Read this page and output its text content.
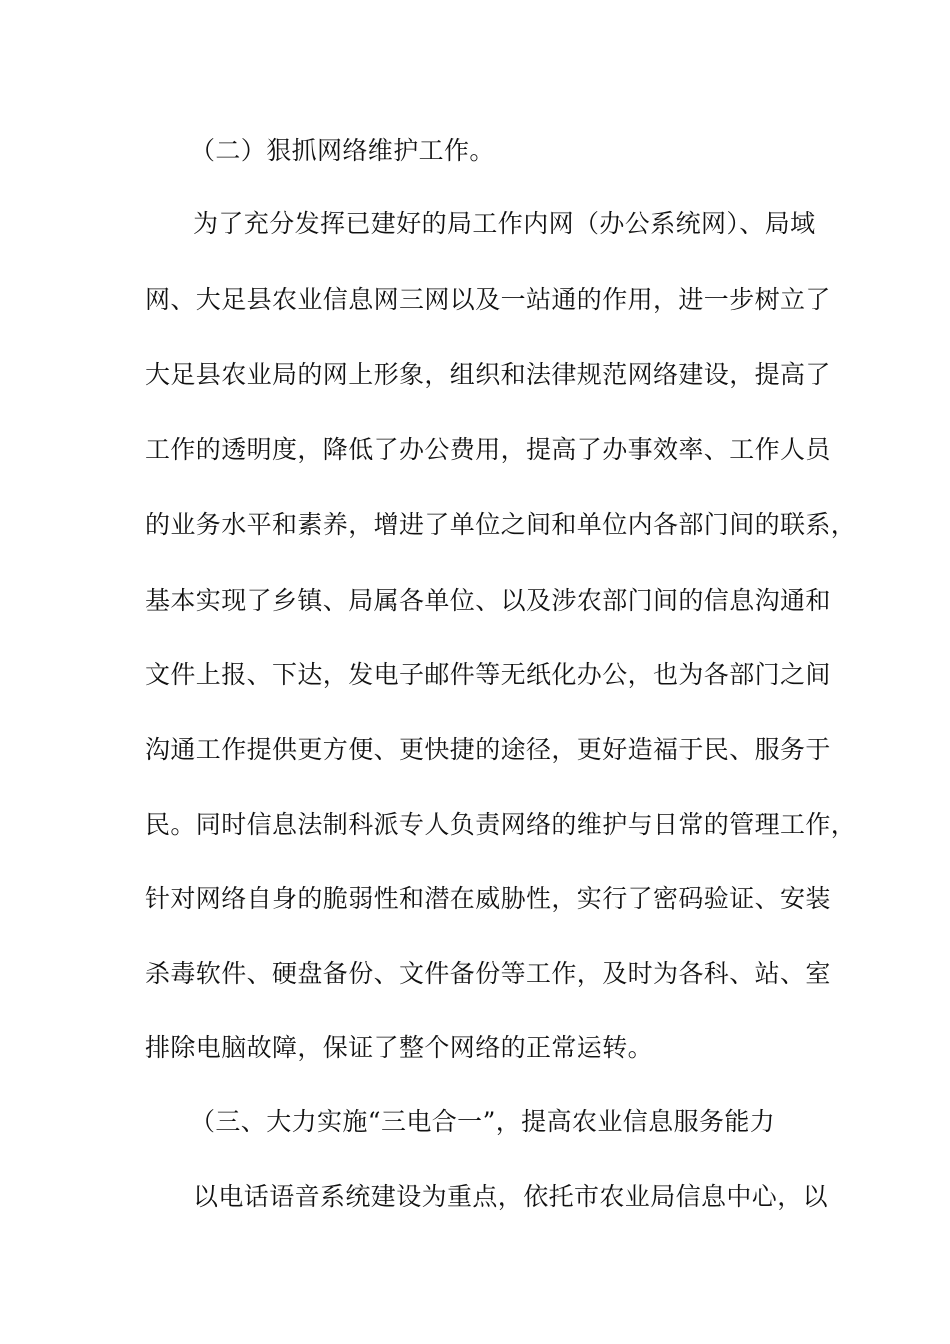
（二）狠抓网络维护工作。
为了充分发挥已建好的局工作内网（办公系统网）、局域
网、大足县农业信息网三网以及一站通的作用，进一步树立了
大足县农业局的网上形象，组织和法律规范网络建设，提高了
工作的透明度，降低了办公费用，提高了办事效率、工作人员
的业务水平和素养，增进了单位之间和单位内各部门间的联系，
基本实现了乡镇、局属各单位、以及涉农部门间的信息沟通和
文件上报、下达，发电子邮件等无纸化办公，也为各部门之间
沟通工作提供更方便、更快捷的途径，更好造福于民、服务于
民。同时信息法制科派专人负责网络的维护与日常的管理工作，
针对网络自身的脆弱性和潜在威胁性，实行了密码验证、安装
杀毒软件、硬盘备份、文件备份等工作，及时为各科、站、室
排除电脑故障，保证了整个网络的正常运转。
（三、大力实施“三电合一”，提高农业信息服务能力
以电话语音系统建设为重点，依托市农业局信息中心，以
